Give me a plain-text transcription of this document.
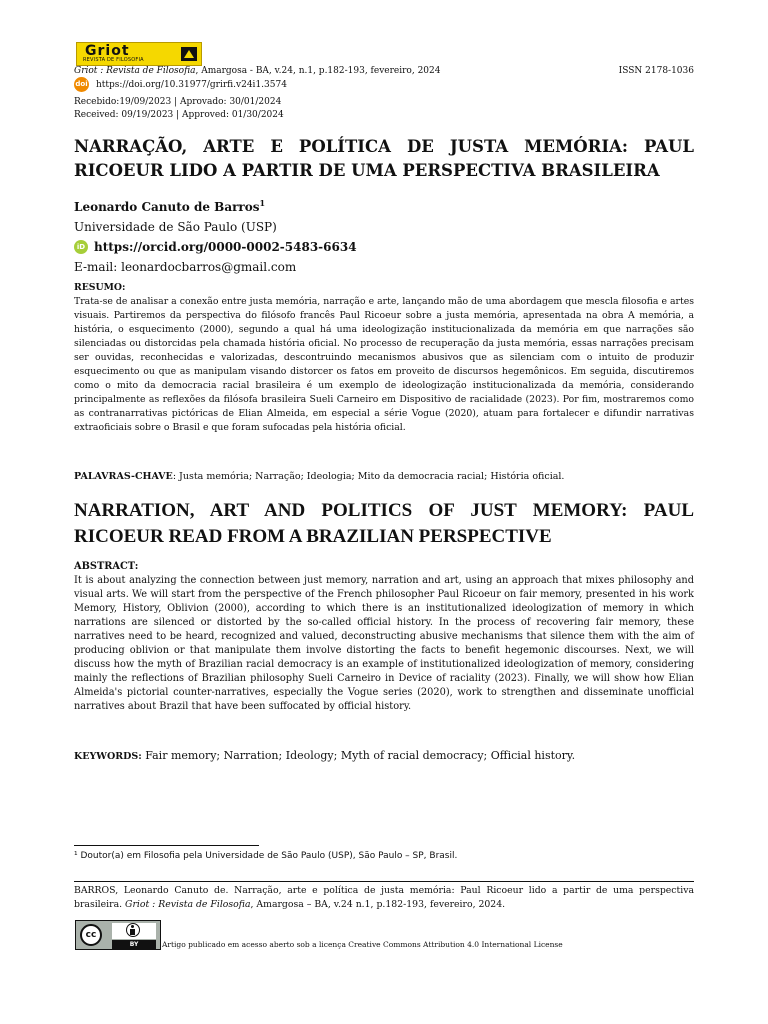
Griot
REVISTA DE FILOSOFIA
Griot : Revista de Filosofia, Amargosa - BA, v.24, n.1, p.182-193, fevereiro, 2024	ISSN 2178-1036
doi https://doi.org/10.31977/grirfi.v24i1.3574
Recebido:19/09/2023 | Aprovado: 30/01/2024
Received: 09/19/2023 | Approved: 01/30/2024
NARRAÇÃO, ARTE E POLÍTICA DE JUSTA MEMÓRIA: PAUL RICOEUR LIDO A PARTIR DE UMA PERSPECTIVA BRASILEIRA
Leonardo Canuto de Barros$^1$
Universidade de São Paulo (USP)
iD https://orcid.org/0000-0002-5483-6634
E-mail: leonardocbarros@gmail.com
RESUMO:
Trata-se de analisar a conexão entre justa memória, narração e arte, lançando mão de uma abordagem que mescla filosofia e artes visuais. Partiremos da perspectiva do filósofo francês Paul Ricoeur sobre a justa memória, apresentada na obra A memória, a história, o esquecimento (2000), segundo a qual há uma ideologização institucionalizada da memória em que narrações são silenciadas ou distorcidas pela chamada história oficial. No processo de recuperação da justa memória, essas narrações precisam ser ouvidas, reconhecidas e valorizadas, descontruindo mecanismos abusivos que as silenciam com o intuito de produzir esquecimento ou que as manipulam visando distorcer os fatos em proveito de discursos hegemônicos. Em seguida, discutiremos como o mito da democracia racial brasileira é um exemplo de ideologização institucionalizada da memória, considerando principalmente as reflexões da filósofa brasileira Sueli Carneiro em Dispositivo de racialidade (2023). Por fim, mostraremos como as contranarrativas pictóricas de Elian Almeida, em especial a série Vogue (2020), atuam para fortalecer e difundir narrativas extraoficiais sobre o Brasil e que foram sufocadas pela história oficial.
PALAVRAS-CHAVE: Justa memória; Narração; Ideologia; Mito da democracia racial; História oficial.
NARRATION, ART AND POLITICS OF JUST MEMORY: PAUL RICOEUR READ FROM A BRAZILIAN PERSPECTIVE
ABSTRACT:
It is about analyzing the connection between just memory, narration and art, using an approach that mixes philosophy and visual arts. We will start from the perspective of the French philosopher Paul Ricoeur on fair memory, presented in his work Memory, History, Oblivion (2000), according to which there is an institutionalized ideologization of memory in which narrations are silenced or distorted by the so-called official history. In the process of recovering fair memory, these narratives need to be heard, recognized and valued, deconstructing abusive mechanisms that silence them with the aim of producing oblivion or that manipulate them involve distorting the facts to benefit hegemonic discourses. Next, we will discuss how the myth of Brazilian racial democracy is an example of institutionalized ideologization of memory, considering mainly the reflections of Brazilian philosophy Sueli Carneiro in Device of raciality (2023). Finally, we will show how Elian Almeida's pictorial counter-narratives, especially the Vogue series (2020), work to strengthen and disseminate unofficial narratives about Brazil that have been suffocated by official history.
KEYWORDS: Fair memory; Narration; Ideology; Myth of racial democracy; Official history.
¹ Doutor(a) em Filosofia pela Universidade de São Paulo (USP), São Paulo – SP, Brasil.
BARROS, Leonardo Canuto de. Narração, arte e política de justa memória: Paul Ricoeur lido a partir de uma perspectiva brasileira. Griot : Revista de Filosofia, Amargosa – BA, v.24 n.1, p.182-193, fevereiro, 2024.
cc
BY	Artigo publicado em acesso aberto sob a licença Creative Commons Attribution 4.0 International License
